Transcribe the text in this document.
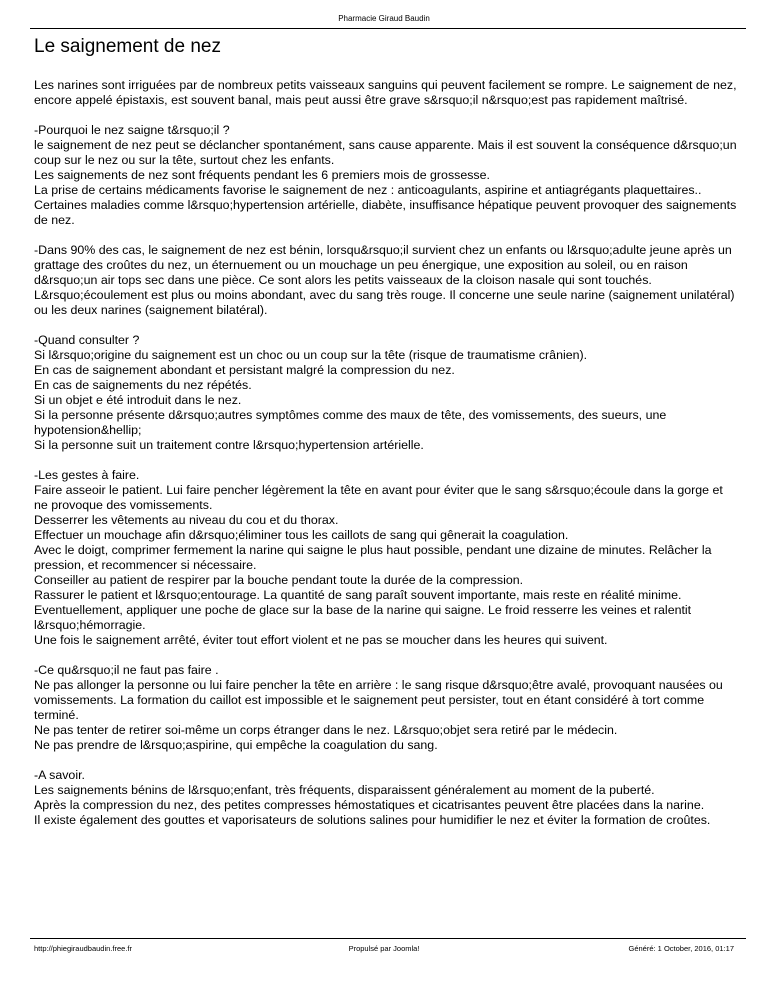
Pharmacie Giraud Baudin
Le saignement de nez

Les narines sont irriguées par de nombreux petits vaisseaux sanguins qui peuvent facilement se rompre. Le saignement de nez, encore appelé épistaxis, est souvent banal, mais peut aussi être grave s&rsquo;il n&rsquo;est pas rapidement maîtrisé.

-Pourquoi le nez saigne t&rsquo;il ?
le saignement de nez peut se déclancher spontanément, sans cause apparente. Mais il est souvent la conséquence d&rsquo;un coup sur le nez ou sur la tête, surtout chez les enfants.
Les saignements de nez sont fréquents pendant les 6 premiers mois de grossesse.
La prise de certains médicaments favorise le saignement de nez : anticoagulants, aspirine et antiagrégants plaquettaires..
Certaines maladies comme l&rsquo;hypertension artérielle, diabète, insuffisance hépatique peuvent provoquer des saignements de nez.

-Dans 90% des cas, le saignement de nez est bénin, lorsqu&rsquo;il survient chez un enfants ou l&rsquo;adulte jeune après un grattage des croûtes du nez, un éternuement ou un mouchage un peu énergique, une exposition au soleil, ou en raison d&rsquo;un air tops sec dans une pièce. Ce sont alors les petits vaisseaux de la cloison nasale qui sont touchés. L&rsquo;écoulement est plus ou moins abondant, avec du sang très rouge. Il concerne une seule narine (saignement unilatéral) ou les deux narines (saignement bilatéral).

-Quand consulter ?
Si l&rsquo;origine du saignement est un choc ou un coup sur la tête (risque de traumatisme crânien).
En cas de saignement abondant et persistant malgré la compression du nez.
En cas de saignements du nez répétés.
Si un objet e été introduit dans le nez.
Si la personne présente d&rsquo;autres symptômes comme des maux de tête, des vomissements, des sueurs, une hypotension&hellip;
Si la personne suit un traitement contre l&rsquo;hypertension artérielle.

-Les gestes à faire.
Faire asseoir le patient. Lui faire pencher légèrement la tête en avant pour éviter que le sang s&rsquo;écoule dans la gorge et ne provoque des vomissements.
Desserrer les vêtements au niveau du cou et du thorax.
Effectuer un mouchage afin d&rsquo;éliminer tous les caillots de sang qui gênerait la coagulation.
Avec le doigt, comprimer fermement la narine qui saigne le plus haut possible, pendant une dizaine de minutes. Relâcher la pression, et recommencer si nécessaire.
Conseiller au patient de respirer par la bouche pendant toute la durée de la compression.
Rassurer le patient et l&rsquo;entourage. La quantité de sang paraît souvent importante, mais reste en réalité minime.
Eventuellement, appliquer une poche de glace sur la base de la narine qui saigne. Le froid resserre les veines et ralentit l&rsquo;hémorragie.
Une fois le saignement arrêté, éviter tout effort violent et ne pas se moucher dans les heures qui suivent.

-Ce qu&rsquo;il ne faut pas faire .
Ne pas allonger la personne ou lui faire pencher la tête en arrière : le sang risque d&rsquo;être avalé, provoquant nausées ou vomissements. La formation du caillot est impossible et le saignement peut persister, tout en étant considéré à tort comme terminé.
Ne pas tenter de retirer soi-même un corps étranger dans le nez. L&rsquo;objet sera retiré par le médecin.
Ne pas prendre de l&rsquo;aspirine, qui empêche la coagulation du sang.

-A savoir.
Les saignements bénins de l&rsquo;enfant, très fréquents, disparaissent généralement au moment de la puberté.
Après la compression du nez, des petites compresses hémostatiques et cicatrisantes peuvent être placées dans la narine.
Il existe également des gouttes et vaporisateurs de solutions salines pour humidifier le nez et éviter la formation de croûtes.

http://phiegiraudbaudin.free.fr	Propulsé par Joomla!	Généré: 1 October, 2016, 01:17
